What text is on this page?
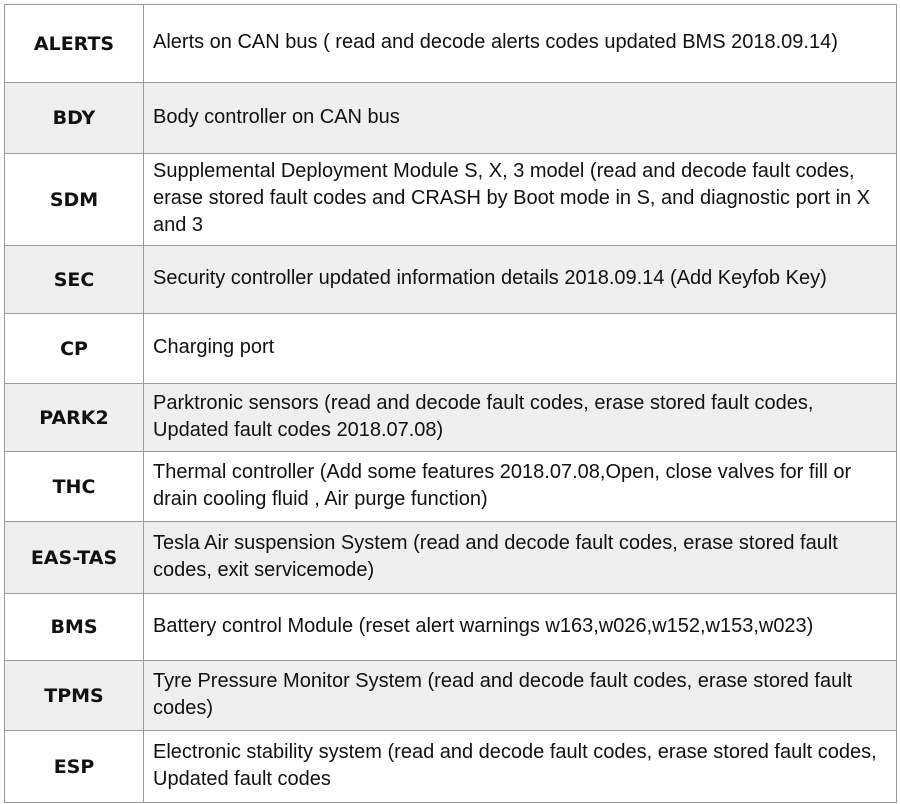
ALERTS	Alerts on CAN bus ( read and decode alerts codes updated BMS 2018.09.14)
BDY	Body controller on CAN bus
SDM	Supplemental Deployment Module S, X, 3 model (read and decode fault codes, erase stored fault codes and CRASH by Boot mode in S, and diagnostic port in X and 3
SEC	Security controller updated information details 2018.09.14 (Add Keyfob Key)
CP	Charging port
PARK2	Parktronic sensors (read and decode fault codes, erase stored fault codes, Updated fault codes 2018.07.08)
THC	Thermal controller (Add some features 2018.07.08,Open, close valves for fill or drain cooling fluid , Air purge function)
EAS-TAS	Tesla Air suspension System (read and decode fault codes, erase stored fault codes, exit servicemode)
BMS	Battery control Module (reset alert warnings w163,w026,w152,w153,w023)
TPMS	Tyre Pressure Monitor System (read and decode fault codes, erase stored fault codes)
ESP	Electronic stability system (read and decode fault codes, erase stored fault codes, Updated fault codes
